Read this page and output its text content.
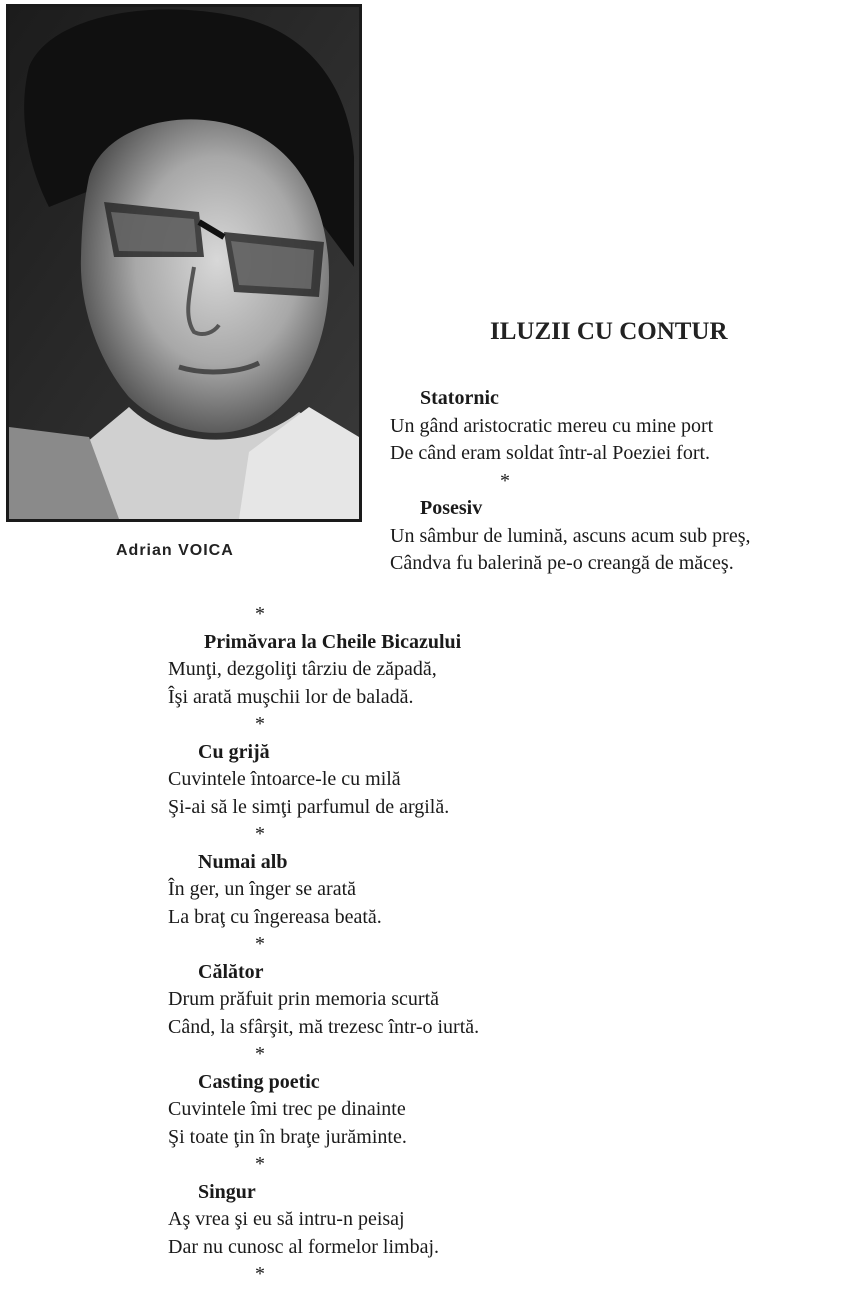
Adrian VOICA
ILUZII CU CONTUR
Statornic
Un gând aristocratic mereu cu mine port
De când eram soldat într-al Poeziei fort.
*
Posesiv
Un sâmbur de lumină, ascuns acum sub preş,
Cândva fu balerină pe-o creangă de măceş.
*
Primăvara la Cheile Bicazului
Munţi, dezgoliţi târziu de zăpadă,
Îşi arată muşchii lor de baladă.
*
Cu grijă
Cuvintele întoarce-le cu milă
Şi-ai să le simţi parfumul de argilă.
*
Numai alb
În ger, un înger se arată
La braţ cu îngereasa beată.
*
Călător
Drum prăfuit prin memoria scurtă
Când, la sfârşit, mă trezesc într-o iurtă.
*
Casting poetic
Cuvintele îmi trec pe dinainte
Şi toate ţin în braţe jurăminte.
*
Singur
Aş vrea şi eu să intru-n peisaj
Dar nu cunosc al formelor limbaj.
*
